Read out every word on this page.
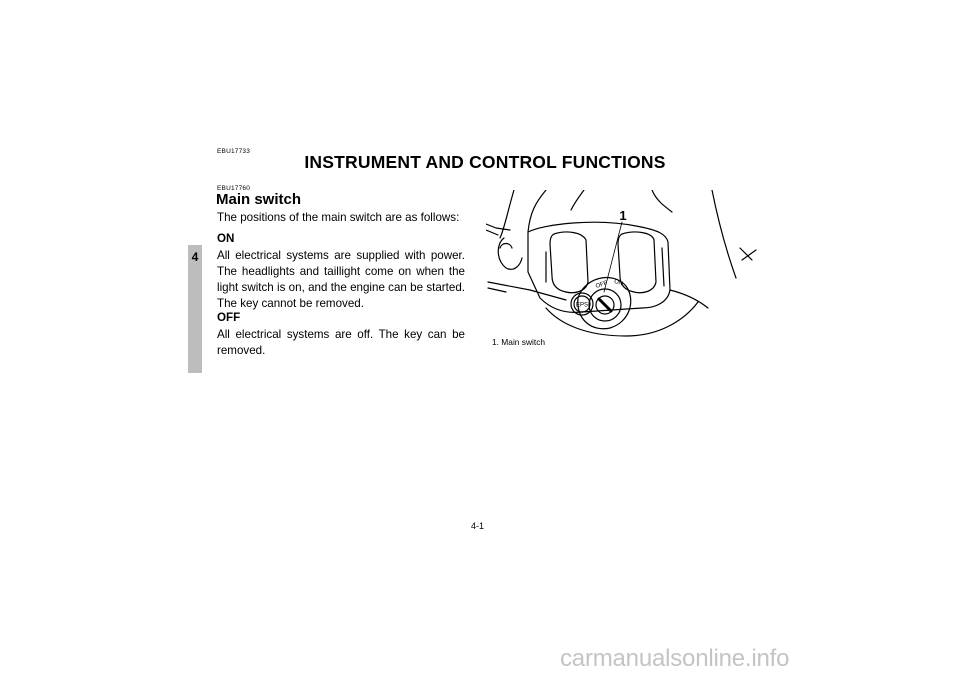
4
EBU17733
INSTRUMENT AND CONTROL FUNCTIONS
EBU17760
Main switch
The positions of the main switch are as follows:
ON
All electrical systems are supplied with power. The headlights and taillight come on when the light switch is on, and the engine can be started. The key cannot be removed.
OFF
All electrical systems are off. The key can be removed.
EPS
OFF ON
1
1. Main switch
4-1
carmanualsonline.info
